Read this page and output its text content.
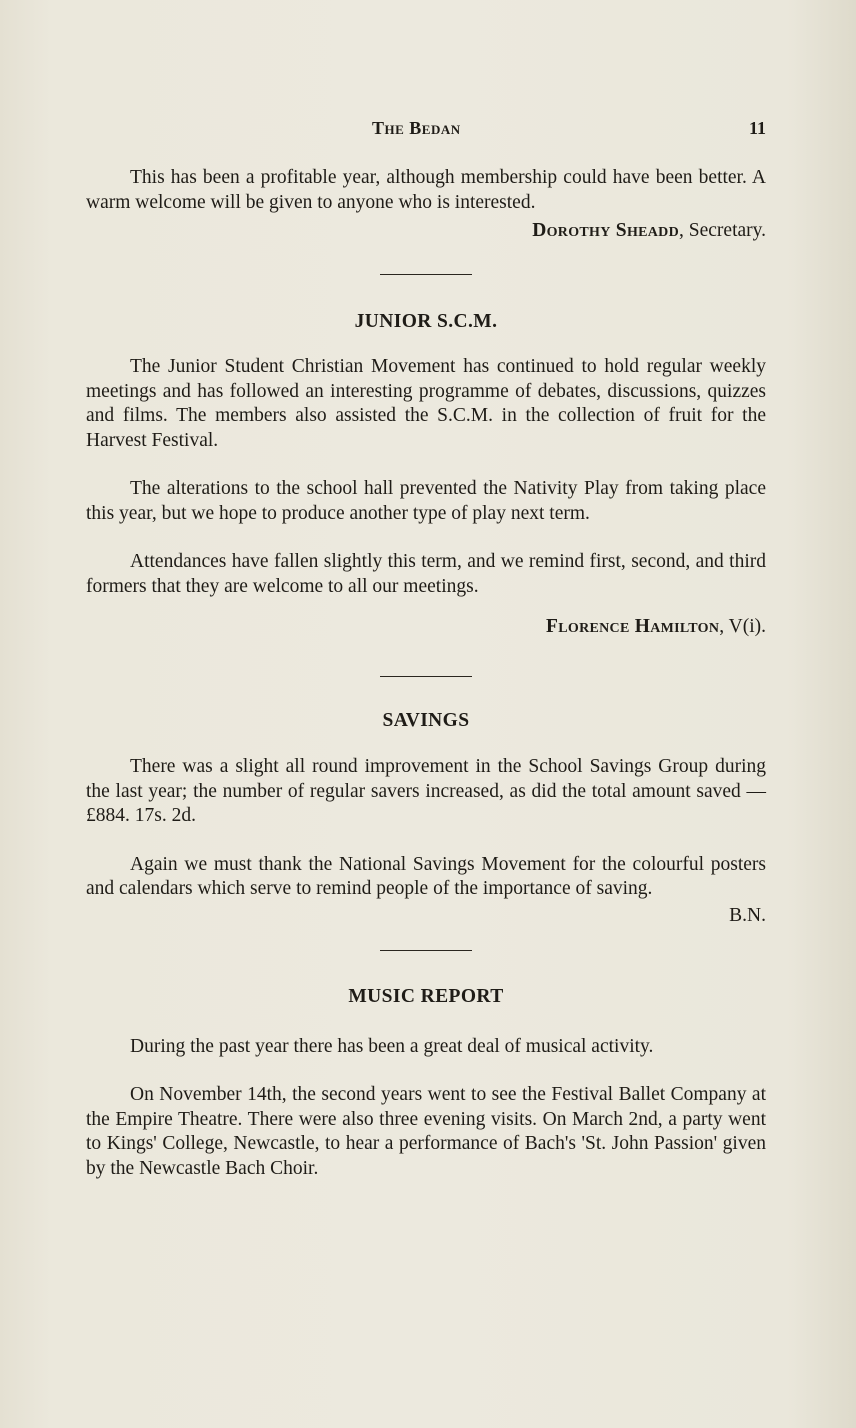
The Bedan	11

This has been a profitable year, although membership could have been better. A warm welcome will be given to anyone who is interested.

Dorothy Sheadd, Secretary.

JUNIOR S.C.M.

The Junior Student Christian Movement has continued to hold regular weekly meetings and has followed an interesting programme of debates, discussions, quizzes and films. The members also assisted the S.C.M. in the collection of fruit for the Harvest Festival.

The alterations to the school hall prevented the Nativity Play from taking place this year, but we hope to produce another type of play next term.

Attendances have fallen slightly this term, and we remind first, second, and third formers that they are welcome to all our meetings.

Florence Hamilton, V(i).

SAVINGS

There was a slight all round improvement in the School Savings Group during the last year; the number of regular savers increased, as did the total amount saved — £884. 17s. 2d.

Again we must thank the National Savings Movement for the colourful posters and calendars which serve to remind people of the importance of saving.

B.N.

MUSIC REPORT

During the past year there has been a great deal of musical activity.

On November 14th, the second years went to see the Festival Ballet Company at the Empire Theatre. There were also three evening visits. On March 2nd, a party went to Kings' College, Newcastle, to hear a performance of Bach's 'St. John Passion' given by the Newcastle Bach Choir.
